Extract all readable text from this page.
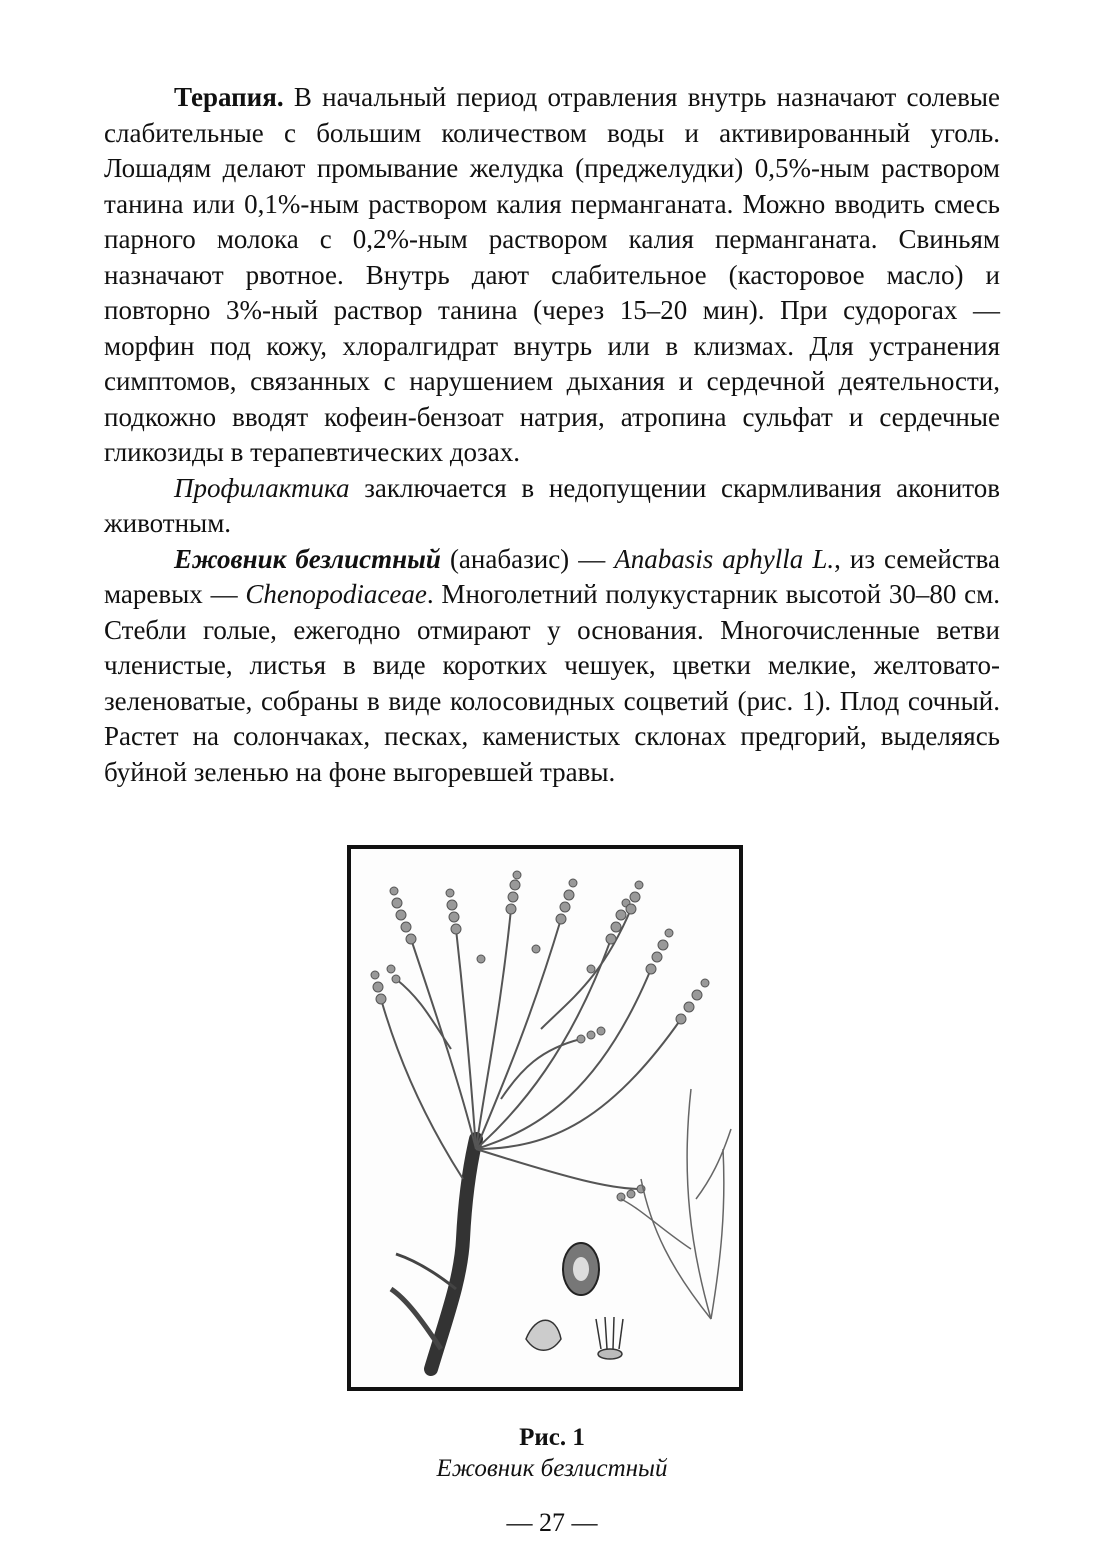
Терапия. В начальный период отравления внутрь назначают солевые слабительные с большим количеством воды и активированный уголь. Лошадям делают промывание желудка (преджелудки) 0,5%-ным раствором танина или 0,1%-ным раствором калия перманганата. Можно вводить смесь парного молока с 0,2%-ным раствором калия перманганата. Свиньям назначают рвотное. Внутрь дают слабительное (касторовое масло) и повторно 3%-ный раствор танина (через 15–20 мин). При судорогах — морфин под кожу, хлоралгидрат внутрь или в клизмах. Для устранения симптомов, связанных с нарушением дыхания и сердечной деятельности, подкожно вводят кофеин-бензоат натрия, атропина сульфат и сердечные гликозиды в терапевтических дозах.

Профилактика заключается в недопущении скармливания аконитов животным.

Ежовник безлистный (анабазис) — Anabasis aphylla L., из семейства маревых — Chenopodiaceae. Многолетний полукустарник высотой 30–80 см. Стебли голые, ежегодно отмирают у основания. Многочисленные ветви членистые, листья в виде коротких чешуек, цветки мелкие, желтовато-зеленоватые, собраны в виде колосовидных соцветий (рис. 1). Плод сочный. Растет на солончаках, песках, каменистых склонах предгорий, выделяясь буйной зеленью на фоне выгоревшей травы.

Рис. 1
Ежовник безлистный
— 27 —
